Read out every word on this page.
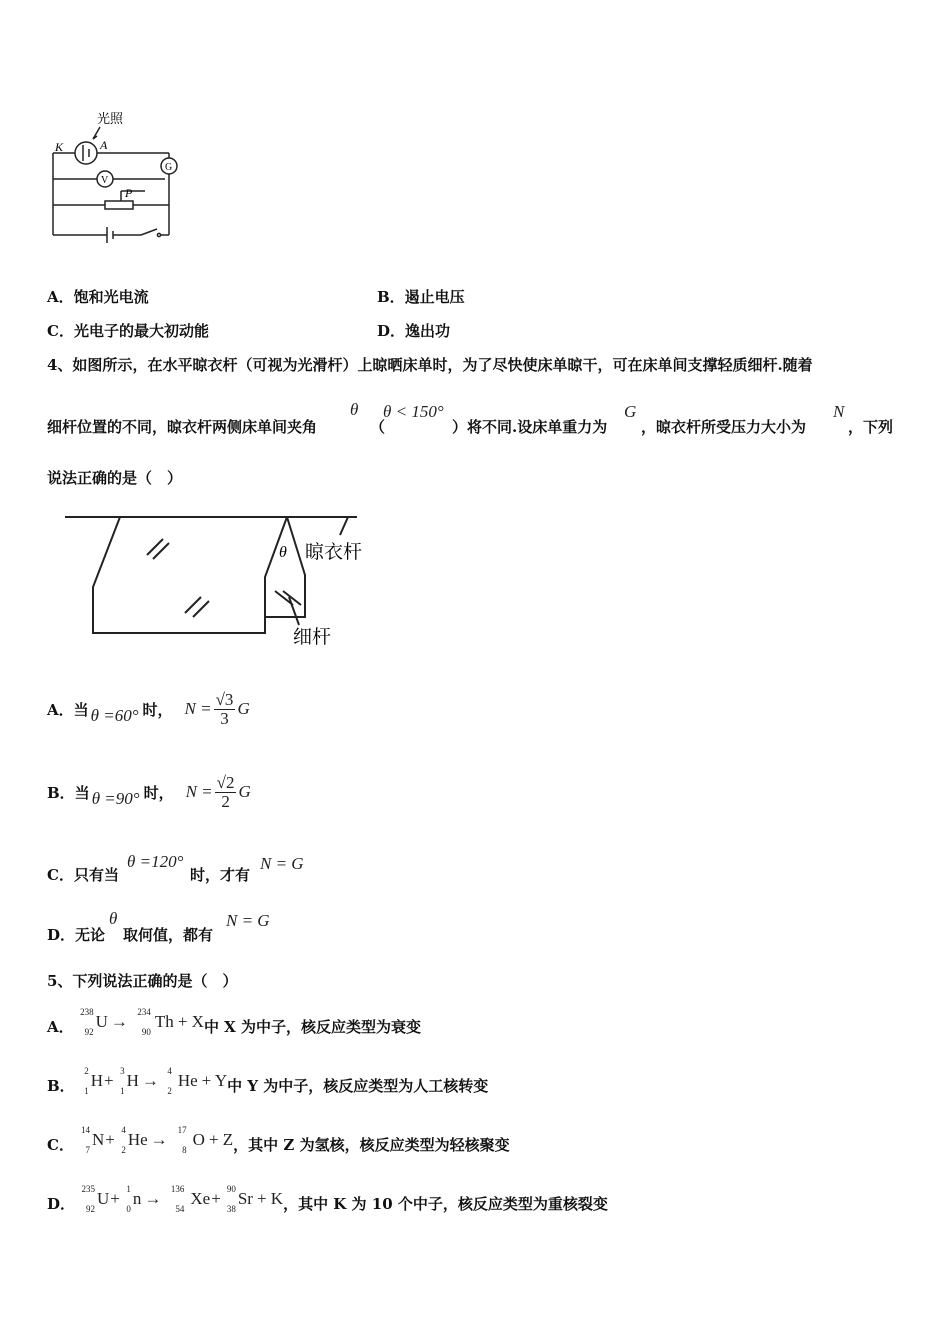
光照
K	A
V
G
P
A．饱和光电流	B．遏止电压
C．光电子的最大初动能	D．逸出功
4、如图所示，在水平晾衣杆（可视为光滑杆）上晾晒床单时，为了尽快使床单晾干，可在床单间支撑轻质细杆.随着
细杆位置的不同，晾衣杆两侧床单间夹角
θ
（
θ < 150°
）将不同.设床单重力为
G
，晾衣杆所受压力大小为
N
，下列
说法正确的是（　）
θ 晾衣杆
细杆
A．当 θ =60° 时， $N = \frac{√3}{3}$ G
B．当 θ =90° 时， $N = \frac{√2}{2}$ G
C．只有当
θ =120°
时，才有
N = G
D．无论
θ
取何值，都有
N = G
5、下列说法正确的是（　）
A．
238
92
U → 234
90
Th + X 中 X 为中子，核反应类型为衰变
B．
2
1
H + 3
1
H → 4
2
He + Y 中 Y 为中子，核反应类型为人工核转变
C．
14
7
N + 4
2
He → 17
8
O + Z ，其中 Z 为氢核，核反应类型为轻核聚变
D．
235
92
U + 1
0
n → 136
54
Xe + 90
38
Sr + K ，其中 K 为 10 个中子，核反应类型为重核裂变
